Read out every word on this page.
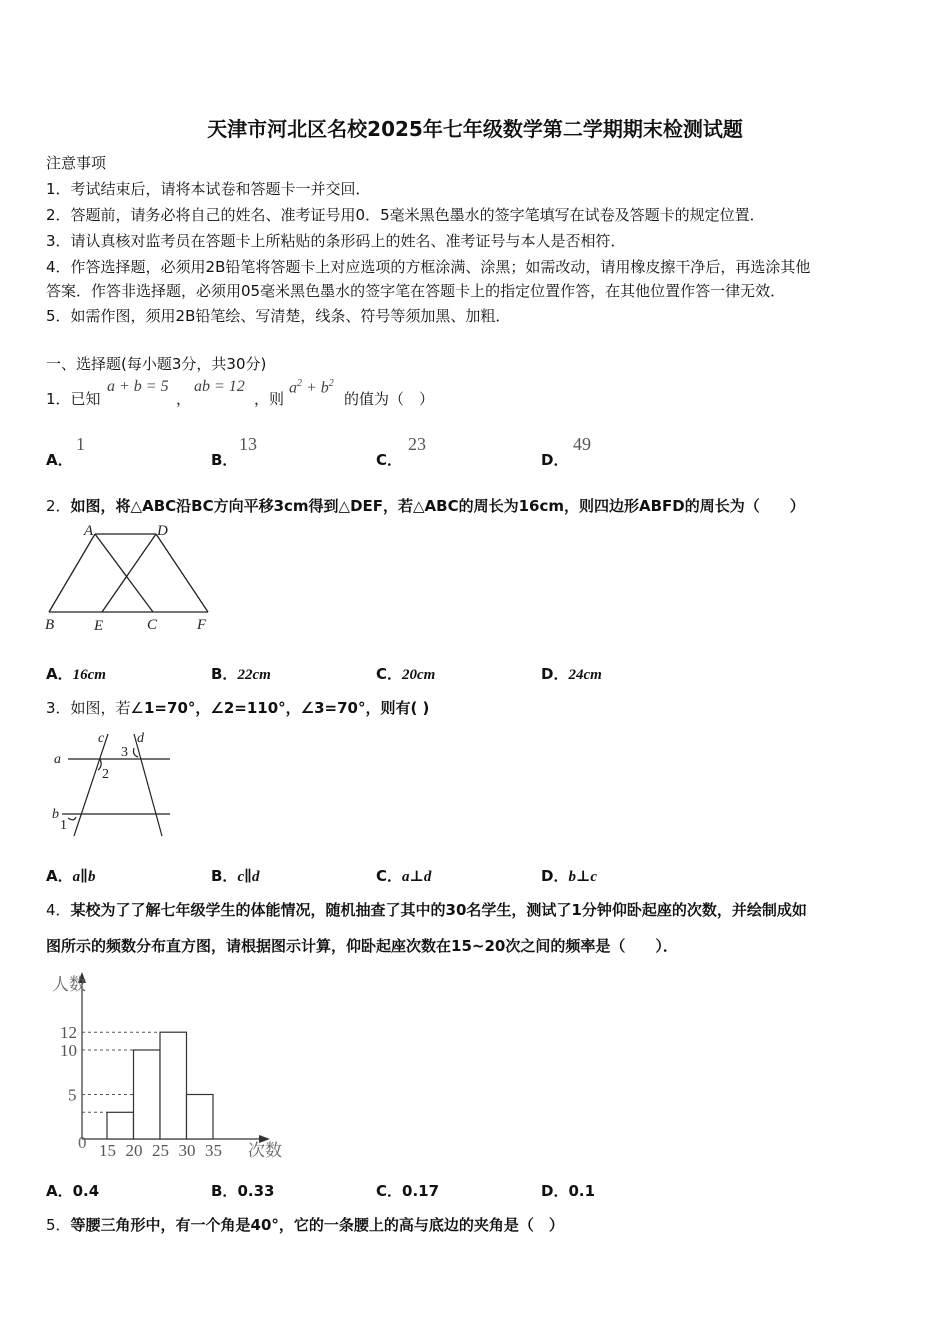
天津市河北区名校2025年七年级数学第二学期期末检测试题
注意事项
1．考试结束后，请将本试卷和答题卡一并交回．
2．答题前，请务必将自己的姓名、准考证号用0．5毫米黑色墨水的签字笔填写在试卷及答题卡的规定位置．
3．请认真核对监考员在答题卡上所粘贴的条形码上的姓名、准考证号与本人是否相符．
4．作答选择题，必须用2B铅笔将答题卡上对应选项的方框涂满、涂黑；如需改动，请用橡皮擦干净后，再选涂其他
答案．作答非选择题，必须用05毫米黑色墨水的签字笔在答题卡上的指定位置作答，在其他位置作答一律无效．
5．如需作图，须用2B铅笔绘、写清楚，线条、符号等须加黑、加粗．
一、选择题(每小题3分，共30分)
1．已知
a + b = 5
，
ab = 12
，则
$a^2 + b^2$
的值为（　）
A．
1
B．
13
C．
23
D．
49
2．如图，将△ABC沿BC方向平移3cm得到△DEF，若△ABC的周长为16cm，则四边形ABFD的周长为（　　）
A	D
B	E	C	F
A．16cm	B．22cm	C．20cm	D．24cm
3．如图，若∠1=70°，∠2=110°，∠3=70°，则有( )
c d
3
a
2
b
1
A．a∥b	B．c∥d	C．a⊥d	D．b⊥c
4．某校为了了解七年级学生的体能情况，随机抽查了其中的30名学生，测试了1分钟仰卧起座的次数，并绘制成如
图所示的频数分布直方图，请根据图示计算，仰卧起座次数在15~20次之间的频率是（　　）．
15 20 25 30 35
12
10
5
人数
次数
0
A．0.4	B．0.33	C．0.17	D．0.1
5．等腰三角形中，有一个角是40°，它的一条腰上的高与底边的夹角是（　）
